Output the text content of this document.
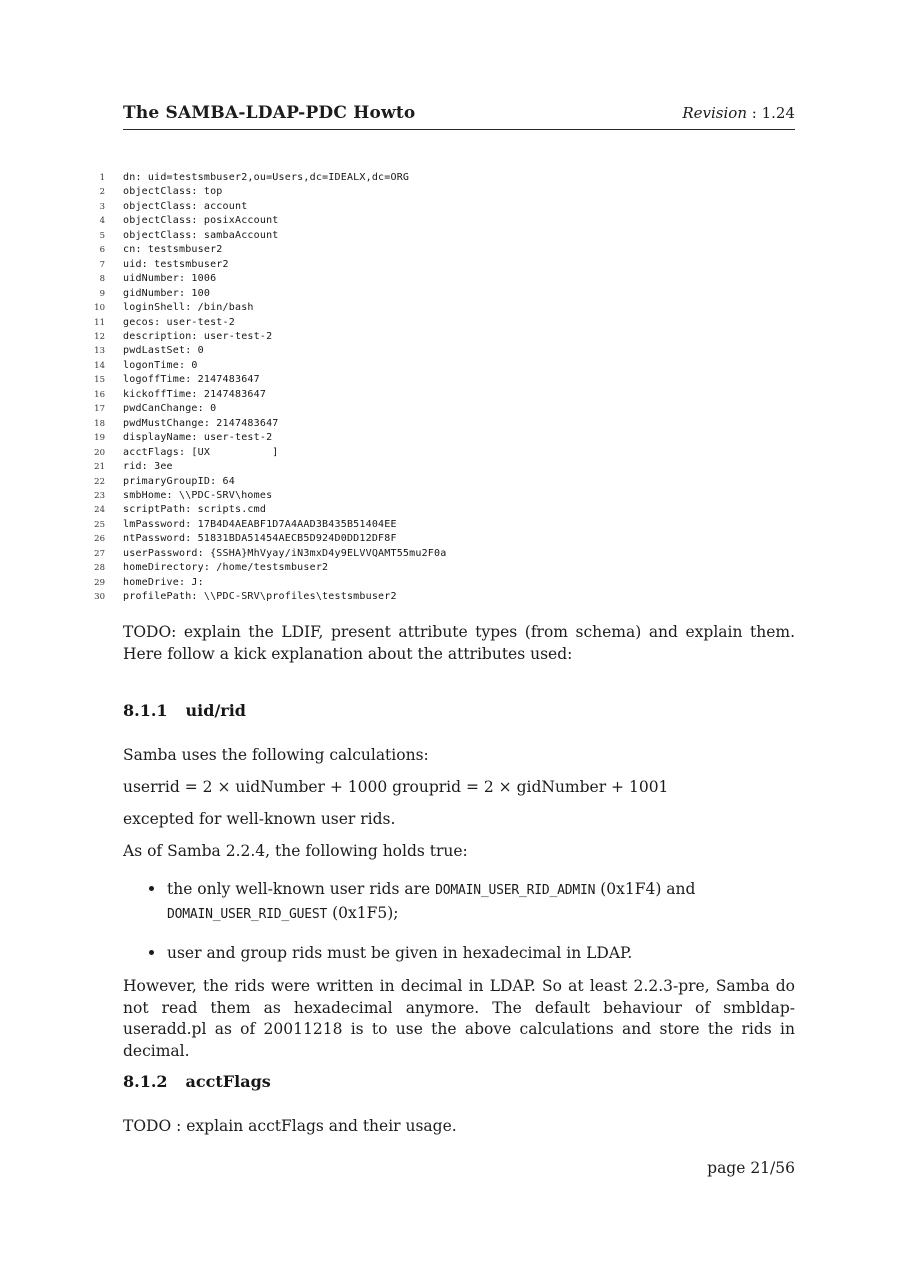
The SAMBA-LDAP-PDC Howto	Revision : 1.24
1 dn: uid=testsmbuser2,ou=Users,dc=IDEALX,dc=ORG
2 objectClass: top
3 objectClass: account
4 objectClass: posixAccount
5 objectClass: sambaAccount
6 cn: testsmbuser2
7 uid: testsmbuser2
8 uidNumber: 1006
9 gidNumber: 100
10 loginShell: /bin/bash
11 gecos: user-test-2
12 description: user-test-2
13 pwdLastSet: 0
14 logonTime: 0
15 logoffTime: 2147483647
16 kickoffTime: 2147483647
17 pwdCanChange: 0
18 pwdMustChange: 2147483647
19 displayName: user-test-2
20 acctFlags: [UX          ]
21 rid: 3ee
22 primaryGroupID: 64
23 smbHome: \\PDC-SRV\homes
24 scriptPath: scripts.cmd
25 lmPassword: 17B4D4AEABF1D7A4AAD3B435B51404EE
26 ntPassword: 51831BDA51454AECB5D924D0DD12DF8F
27 userPassword: {SSHA}MhVyay/iN3mxD4y9ELVVQAMT55mu2F0a
28 homeDirectory: /home/testsmbuser2
29 homeDrive: J:
30 profilePath: \\PDC-SRV\profiles\testsmbuser2
TODO: explain the LDIF, present attribute types (from schema) and explain them. Here follow a kick explanation about the attributes used:
8.1.1 uid/rid
Samba uses the following calculations:
userrid = 2 × uidNumber + 1000 grouprid = 2 × gidNumber + 1001
excepted for well-known user rids.
As of Samba 2.2.4, the following holds true:
the only well-known user rids are DOMAIN_USER_RID_ADMIN (0x1F4) and DOMAIN_USER_RID_GUEST (0x1F5);
user and group rids must be given in hexadecimal in LDAP.
However, the rids were written in decimal in LDAP. So at least 2.2.3-pre, Samba do not read them as hexadecimal anymore. The default behaviour of smbldap-useradd.pl as of 20011218 is to use the above calculations and store the rids in decimal.
8.1.2 acctFlags
TODO : explain acctFlags and their usage.
page 21/56
